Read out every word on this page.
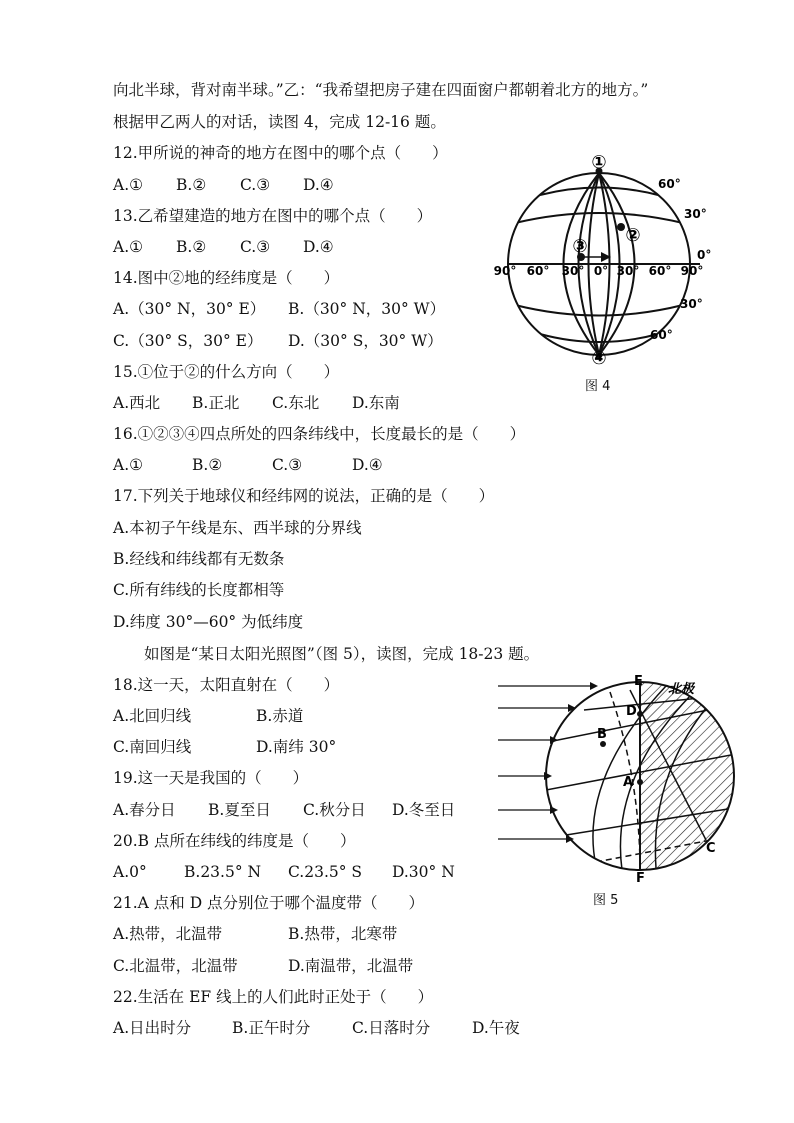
向北半球，背对南半球。”乙：“我希望把房子建在四面窗户都朝着北方的地方。”
根据甲乙两人的对话，读图 4，完成 12-16 题。
12.甲所说的神奇的地方在图中的哪个点（　　）
A.① B.② C.③ D.④
13.乙希望建造的地方在图中的哪个点（　　）
A.① B.② C.③ D.④
14.图中②地的经纬度是（　　）
A.（30° N，30° E） B.（30° N，30° W）
C.（30° S，30° E） D.（30° S，30° W）
15.①位于②的什么方向（　　）
A.西北 B.正北 C.东北 D.东南
16.①②③④四点所处的四条纬线中，长度最长的是（　　）
A.①	B.②	C.③	D.④
17.下列关于地球仪和经纬网的说法，正确的是（　　）
A.本初子午线是东、西半球的分界线
B.经线和纬线都有无数条
C.所有纬线的长度都相等
D.纬度 30°—60° 为低纬度
如图是“某日太阳光照图”（图 5），读图，完成 18-23 题。
18.这一天，太阳直射在（　　）
A.北回归线	B.赤道
C.南回归线	D.南纬 30°
19.这一天是我国的（　　）
A.春分日 B.夏至日 C.秋分日 D.冬至日
20.B 点所在纬线的纬度是（　　）
A.0° B.23.5° N C.23.5° S D.30° N
21.A 点和 D 点分别位于哪个温度带（　　）
A.热带，北温带	B.热带，北寒带
C.北温带，北温带	D.南温带，北温带
22.生活在 EF 线上的人们此时正处于（　　）
A.日出时分	B.正午时分	C.日落时分	D.午夜
①
②
③
④
60°
30°
0°
30°
60°
90° 60° 30° 0° 30° 60° 90°
图 4
E
D
B
A
C
F
北极
图 5
